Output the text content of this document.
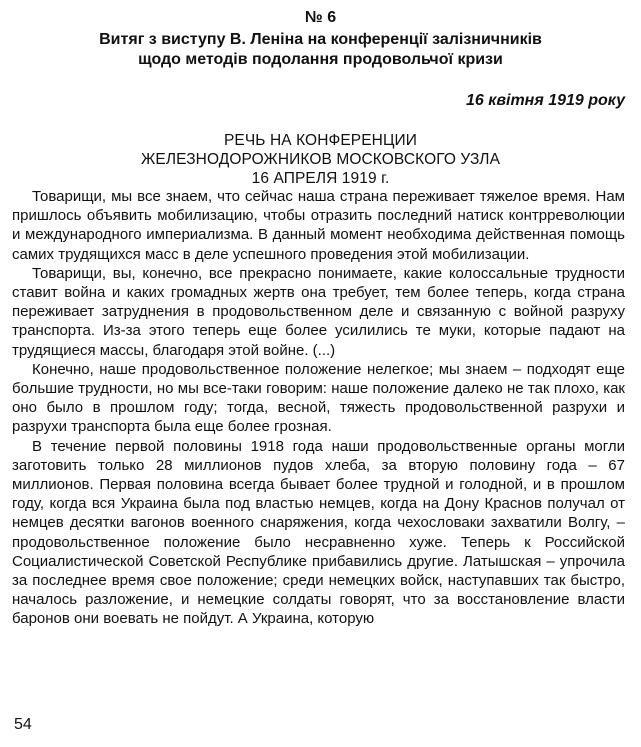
№ 6
Витяг з виступу В. Леніна на конференції залізничників
щодо методів подолання продовольчої кризи
16 квітня 1919 року
РЕЧЬ НА КОНФЕРЕНЦИИ
ЖЕЛЕЗНОДОРОЖНИКОВ МОСКОВСКОГО УЗЛА
16 АПРЕЛЯ 1919 г.

Товарищи, мы все знаем, что сейчас наша страна переживает тяжелое время. Нам пришлось объявить мобилизацию, чтобы отразить последний натиск контрреволюции и международного империализма. В данный момент необходима действенная помощь самих трудящихся масс в деле успешного проведения этой мобилизации.

Товарищи, вы, конечно, все прекрасно понимаете, какие колоссальные трудности ставит война и каких громадных жертв она требует, тем более теперь, когда страна переживает затруднения в продовольственном деле и связанную с войной разруху транспорта. Из-за этого теперь еще более усилились те муки, которые падают на трудящиеся массы, благодаря этой войне. (...)

Конечно, наше продовольственное положение нелегкое; мы знаем – подходят еще большие трудности, но мы все-таки говорим: наше положение далеко не так плохо, как оно было в прошлом году; тогда, весной, тяжесть продовольственной разрухи и разрухи транспорта была еще более грозная.

В течение первой половины 1918 года наши продовольственные органы могли заготовить только 28 миллионов пудов хлеба, за вторую половину года – 67 миллионов. Первая половина всегда бывает более трудной и голодной, и в прошлом году, когда вся Украина была под властью немцев, когда на Дону Краснов получал от немцев десятки вагонов военного снаряжения, когда чехословаки захватили Волгу, – продовольственное положение было несравненно хуже. Теперь к Российской Социалистической Советской Республике прибавились другие. Латышская – упрочила за последнее время свое положение; среди немецких войск, наступавших так быстро, началось разложение, и немецкие солдаты говорят, что за восстановление власти баронов они воевать не пойдут. А Украина, которую

54
